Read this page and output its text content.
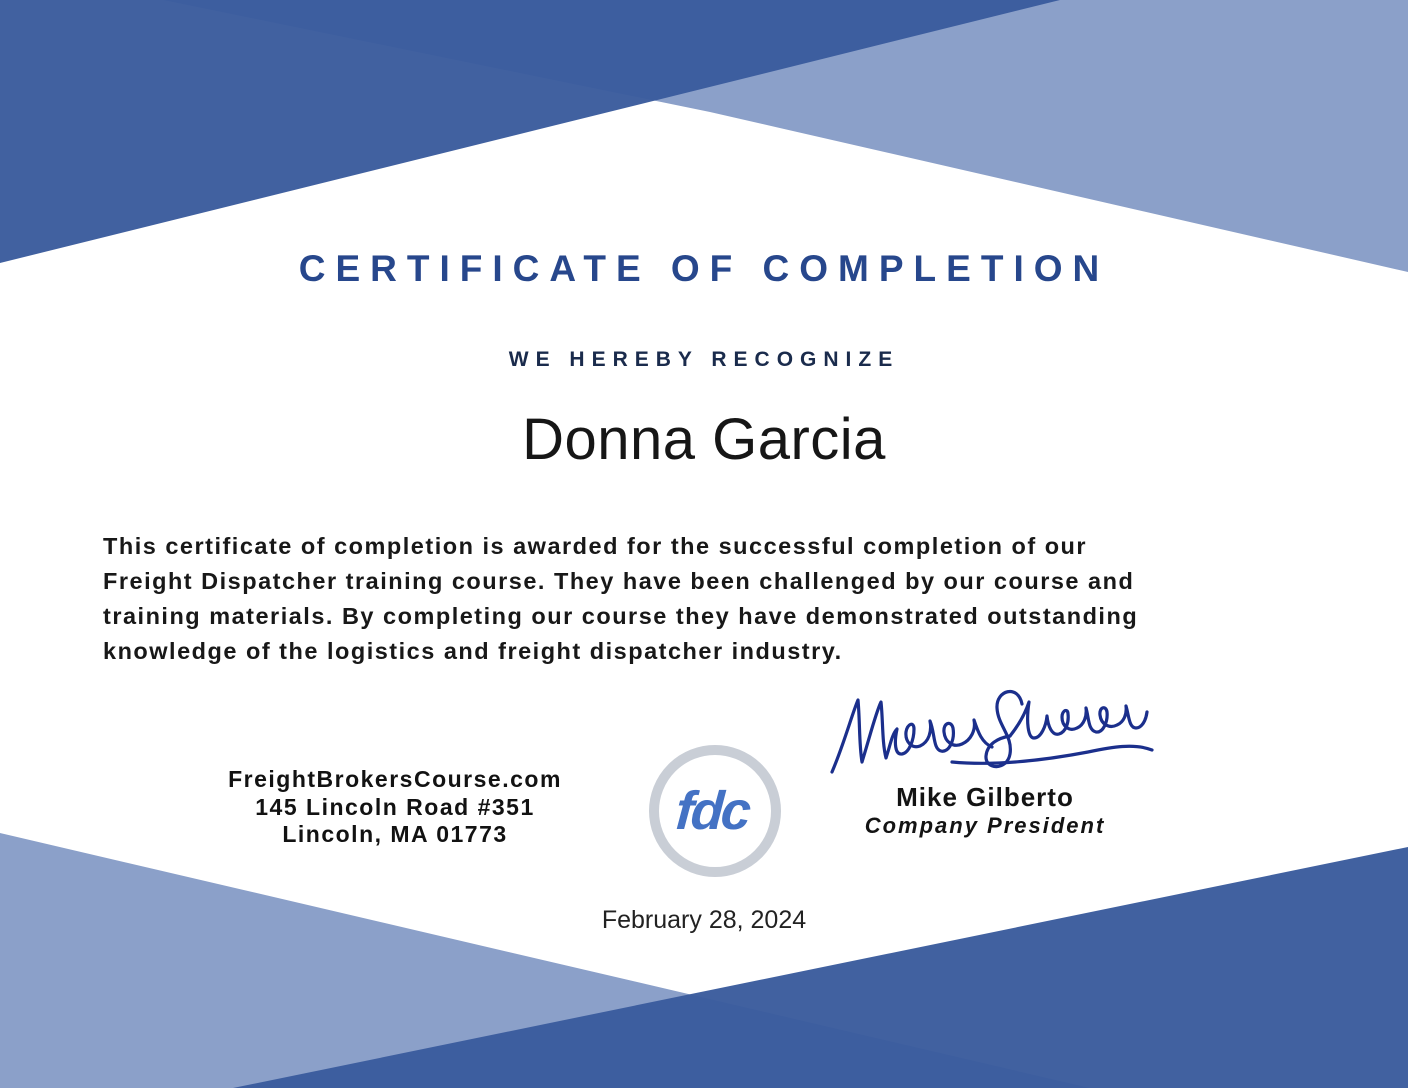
CERTIFICATE OF COMPLETION
WE HEREBY RECOGNIZE
Donna Garcia
This certificate of completion is awarded for the successful completion of our
Freight Dispatcher training course. They have been challenged by our course and
training materials. By completing our course they have demonstrated outstanding
knowledge of the logistics and freight dispatcher industry.
FreightBrokersCourse.com
145 Lincoln Road #351
Lincoln, MA 01773	fdc	Mike Gilberto
Company President
February 28, 2024
